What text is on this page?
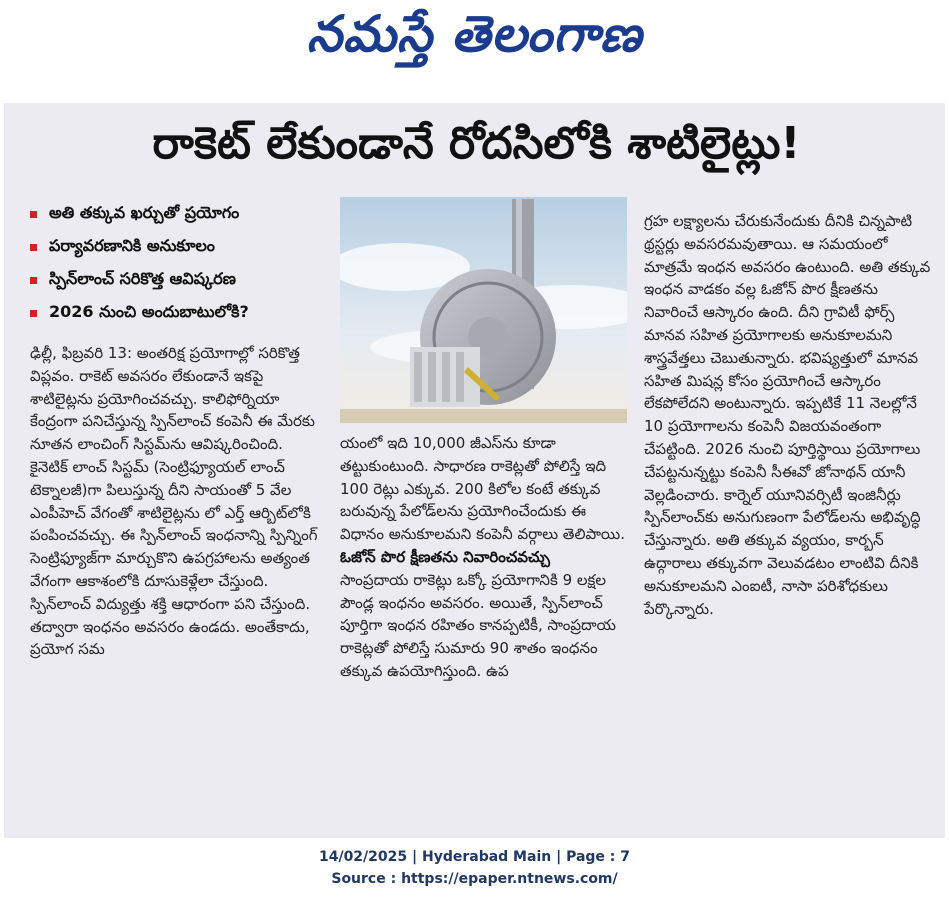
నమస్తే తెలంగాణ
రాకెట్ లేకుండానే రోదసిలోకి శాటిలైట్లు!
అతి తక్కువ ఖర్చుతో ప్రయోగం
పర్యావరణానికి అనుకూలం
స్పిన్‌లాంచ్ సరికొత్త ఆవిష్కరణ
2026 నుంచి అందుబాటులోకి?

ఢిల్లీ, ఫిబ్రవరి 13: అంతరిక్ష ప్రయోగాల్లో సరికొత్త విప్లవం. రాకెట్ అవసరం లేకుండానే ఇకపై శాటిలైట్లను ప్రయోగించవచ్చు. కాలిఫోర్నియా కేంద్రంగా పనిచేస్తున్న స్పిన్‌లాంచ్ కంపెనీ ఈ మేరకు నూతన లాంచింగ్ సిస్టమ్‌ను ఆవిష్కరించింది. కైనెటిక్ లాంచ్ సిస్టమ్ (సెంట్రిఫ్యూయల్ లాంచ్ టెక్నాలజీ)గా పిలుస్తున్న దీని సాయంతో 5 వేల ఎంపీహెచ్ వేగంతో శాటిలైట్లను లో ఎర్త్ ఆర్బిట్‌లోకి పంపించవచ్చు. ఈ స్పిన్‌లాంచ్ ఇంధనాన్ని స్పిన్నింగ్ సెంట్రిఫ్యూజ్‌గా మార్చుకొని ఉపగ్రహాలను అత్యంత వేగంగా ఆకాశంలోకి దూసుకెళ్లేలా చేస్తుంది. స్పిన్‌లాంచ్ విద్యుత్తు శక్తి ఆధారంగా పని చేస్తుంది. తద్వారా ఇంధనం అవసరం ఉండదు. అంతేకాదు, ప్రయోగ సమ

యంలో ఇది 10,000 జీఎస్‌ను కూడా తట్టుకుంటుంది. సాధారణ రాకెట్లతో పోలిస్తే ఇది 100 రెట్లు ఎక్కువ. 200 కిలోల కంటే తక్కువ బరువున్న పేలోడ్‌లను ప్రయోగించేందుకు ఈ విధానం అనుకూలమని కంపెనీ వర్గాలు తెలిపాయి.

ఓజోన్ పొర క్షీణతను నివారించవచ్చు

సాంప్రదాయ రాకెట్లు ఒక్కో ప్రయోగానికి 9 లక్షల పౌండ్ల ఇంధనం అవసరం. అయితే, స్పిన్‌లాంచ్ పూర్తిగా ఇంధన రహితం కానప్పటికీ, సాంప్రదాయ రాకెట్లతో పోలిస్తే సుమారు 90 శాతం ఇంధనం తక్కువ ఉపయోగిస్తుంది. ఉప

గ్రహ లక్ష్యాలను చేరుకునేందుకు దీనికి చిన్నపాటి థ్రస్టర్లు అవసరమవుతాయి. ఆ సమయంలో మాత్రమే ఇంధన అవసరం ఉంటుంది. అతి తక్కువ ఇంధన వాడకం వల్ల ఓజోన్ పొర క్షీణతను నివారించే ఆస్కారం ఉంది. దీని గ్రావిటీ ఫోర్స్ మానవ సహిత ప్రయోగాలకు అనుకూలమని శాస్త్రవేత్తలు చెబుతున్నారు. భవిష్యత్తులో మానవ సహిత మిషన్ల కోసం ప్రయోగించే ఆస్కారం లేకపోలేదని అంటున్నారు. ఇప్పటికే 11 నెలల్లోనే 10 ప్రయోగాలను కంపెనీ విజయవంతంగా చేపట్టింది. 2026 నుంచి పూర్తిస్థాయి ప్రయోగాలు చేపట్టనున్నట్టు కంపెనీ సీఈవో జోనాథన్ యానీ వెల్లడించారు. కార్నెల్ యూనివర్సిటీ ఇంజినీర్లు స్పిన్‌లాంచ్‌కు అనుగుణంగా పేలోడ్‌లను అభివృద్ధి చేస్తున్నారు. అతి తక్కువ వ్యయం, కార్బన్ ఉద్గారాలు తక్కువగా వెలువడటం లాంటివి దీనికి అనుకూలమని ఎంఐటీ, నాసా పరిశోధకులు పేర్కొన్నారు.

14/02/2025 | Hyderabad Main | Page : 7
Source : https://epaper.ntnews.com/
